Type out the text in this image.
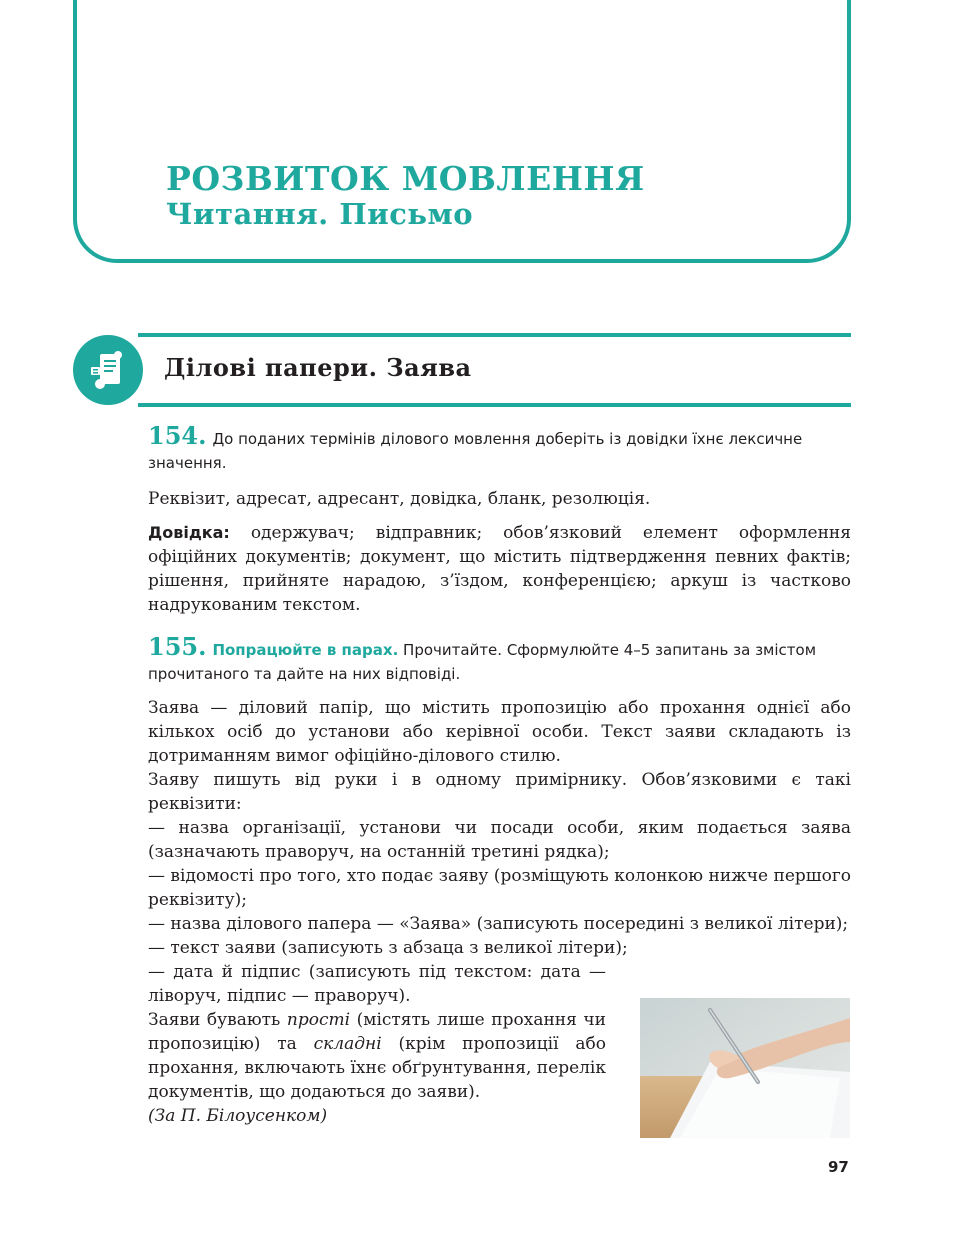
РОЗВИТОК МОВЛЕННЯ
Читання. Письмо
Ділові папери. Заява

154. До поданих термінів ділового мовлення доберіть із довідки їхнє лексичне значення.

Реквізит, адресат, адресант, довідка, бланк, резолюція.

Довідка: одержувач; відправник; обов’язковий елемент оформлення офіційних документів; документ, що містить підтвердження певних фактів; рішення, прийняте нарадою, з’їздом, конференцією; аркуш із частково надрукованим текстом.

155. Попрацюйте в парах. Прочитайте. Сформулюйте 4–5 запитань за змістом прочитаного та дайте на них відповіді.

Заява — діловий папір, що містить пропозицію або прохання однієї або кількох осіб до установи або керівної особи. Текст заяви складають із дотриманням вимог офіційно-ділового стилю.

Заяву пишуть від руки і в одному примірнику. Обов’язковими є такі реквізити:

— назва організації, установи чи посади особи, яким подається заява (зазначають праворуч, на останній третині рядка);

— відомості про того, хто подає заяву (розміщують колонкою нижче першого реквізиту);

— назва ділового папера — «Заява» (записують посередині з великої літери);

— текст заяви (записують з абзаца з великої літери);

— дата й підпис (записують під текстом: дата — ліворуч, підпис — праворуч).

Заяви бувають прості (містять лише прохання чи пропозицію) та складні (крім пропозиції або прохання, включають їхнє обґрунтування, перелік документів, що додаються до заяви).

(За П. Білоусенком)

97
